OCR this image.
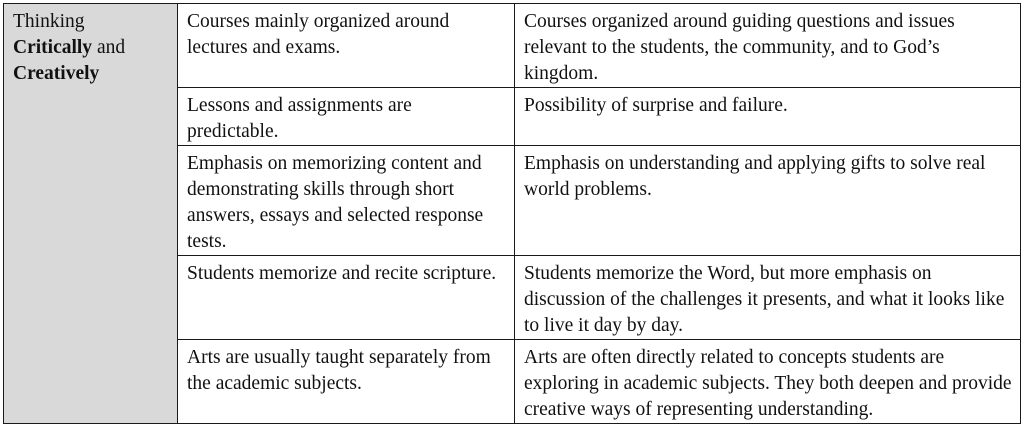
Thinking
Critically and
Creatively	Courses mainly organized around lectures and exams.	Courses organized around guiding questions and issues relevant to the students, the community, and to God’s kingdom.
	Lessons and assignments are predictable.	Possibility of surprise and failure.
	Emphasis on memorizing content and demonstrating skills through short answers, essays and selected response tests.	Emphasis on understanding and applying gifts to solve real world problems.
	Students memorize and recite scripture.	Students memorize the Word, but more emphasis on discussion of the challenges it presents, and what it looks like to live it day by day.
	Arts are usually taught separately from the academic subjects.	Arts are often directly related to concepts students are exploring in academic subjects. They both deepen and provide creative ways of representing understanding.
